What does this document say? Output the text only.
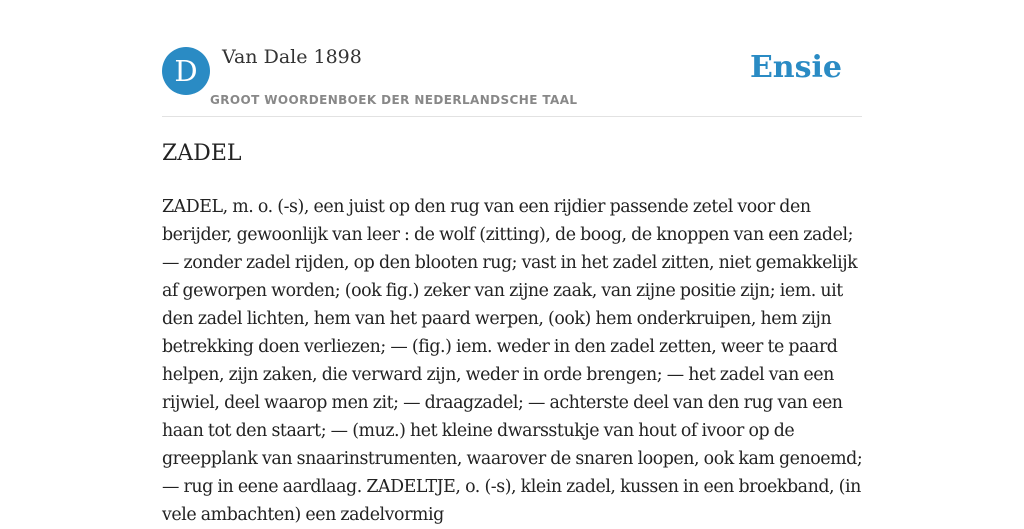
D	Van Dale 1898
GROOT WOORDENBOEK DER NEDERLANDSCHE TAAL
Ensie
ZADEL

ZADEL, m. o. (-s), een juist op den rug van een rijdier passende zetel voor den berijder, gewoonlijk van leer : de wolf (zitting), de boog, de knoppen van een zadel; — zonder zadel rijden, op den blooten rug; vast in het zadel zitten, niet gemakkelijk af geworpen worden; (ook fig.) zeker van zijne zaak, van zijne positie zijn; iem. uit den zadel lichten, hem van het paard werpen, (ook) hem onderkruipen, hem zijn betrekking doen verliezen; — (fig.) iem. weder in den zadel zetten, weer te paard helpen, zijn zaken, die verward zijn, weder in orde brengen; — het zadel van een rijwiel, deel waarop men zit; — draagzadel; — achterste deel van den rug van een haan tot den staart; — (muz.) het kleine dwarsstukje van hout of ivoor op de greepplank van snaarinstrumenten, waarover de snaren loopen, ook kam genoemd; — rug in eene aardlaag. ZADELTJE, o. (-s), klein zadel, kussen in een broekband, (in vele ambachten) een zadelvormig
